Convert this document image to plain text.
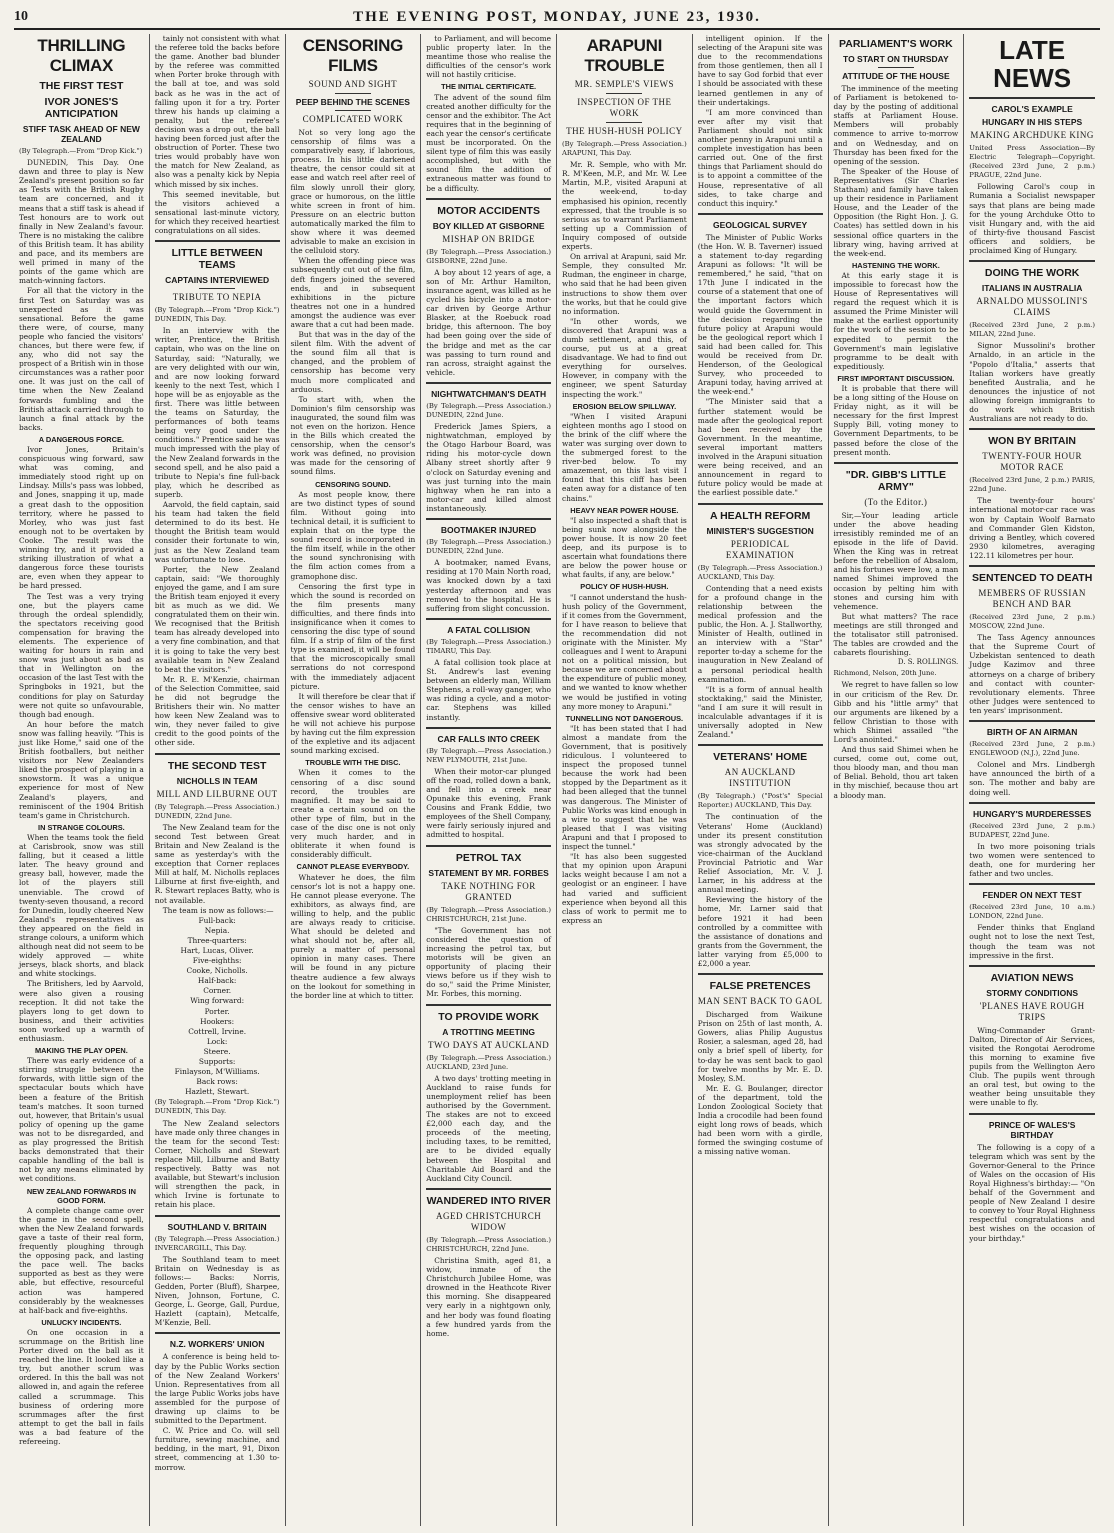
10	THE EVENING POST, MONDAY, JUNE 23, 1930.
THRILLING CLIMAX
THE FIRST TEST
IVOR JONES'S ANTICIPATION
STIFF TASK AHEAD OF NEW ZEALAND
(By Telegraph.—From "Drop Kick.")

DUNEDIN, This Day. One dawn and three to play is New Zealand's present position so far as Tests with the British Rugby team are concerned, and it means that a stiff task is ahead if Test honours are to work out finally in New Zealand's favour. There is no mistaking the calibre of this British team. It has ability and pace, and its members are well primed in many of the points of the game which are match-winning factors.

For all that the victory in the first Test on Saturday was as unexpected as it was sensational. Before the game there were, of course, many people who fancied the visitors' chances, but there were few, if any, who did not say the prospect of a British win in those circumstances was a rather poor one. It was just on the call of time when the New Zealand forwards fumbling and the British attack carried through to launch a final attack by the backs.

A DANGEROUS FORCE.

Ivor Jones, Britain's conspicuous wing forward, saw what was coming, and immediately stood right up on Lindsay. Mills's pass was lobbed, and Jones, snapping it up, made a great dash to the opposition territory, where he passed to Morley, who was just fast enough not to be overtaken by Cooke. The result was the winning try, and it provided a striking illustration of what a dangerous force these tourists are, even when they appear to be hard pressed.

The Test was a very trying one, but the players came through the ordeal splendidly, the spectators receiving good compensation for braving the elements. The experience of waiting for hours in rain and snow was just about as bad as that in Wellington on the occasion of the last Test with the Springboks in 1921, but the conditions for play on Saturday were not quite so unfavourable, though bad enough.

An hour before the match snow was falling heavily. "This is just like Home," said one of the British footballers, but neither visitors nor New Zealanders liked the prospect of playing in a snowstorm. It was a unique experience for most of New Zealand's players, and reminiscent of the 1904 British team's game in Christchurch.

IN STRANGE COLOURS.

When the teams took the field at Carisbrook, snow was still falling, but it ceased a little later. The heavy ground and greasy ball, however, made the lot of the players still unenviable. The crowd of twenty-seven thousand, a record for Dunedin, loudly cheered New Zealand's representatives as they appeared on the field in strange colours, a uniform which although neat did not seem to be widely approved — white jerseys, black shorts, and black and white stockings.

The Britishers, led by Aarvold, were also given a rousing reception. It did not take the players long to get down to business, and their activities soon worked up a warmth of enthusiasm.

MAKING THE PLAY OPEN.

There was early evidence of a stirring struggle between the forwards, with little sign of the spectacular bouts which have been a feature of the British team's matches. It soon turned out, however, that Britain's usual policy of opening up the game was not to be disregarded, and as play progressed the British backs demonstrated that their capable handling of the ball is not by any means eliminated by wet conditions.

NEW ZEALAND FORWARDS IN GOOD FORM.

A complete change came over the game in the second spell, when the New Zealand forwards gave a taste of their real form, frequently ploughing through the opposing pack, and lasting the pace well. The backs supported as best as they were able, but effective, resourceful action was hampered considerably by the weaknesses at half-back and five-eighths.

UNLUCKY INCIDENTS.

On one occasion in a scrummage on the British line Porter dived on the ball as it reached the line. It looked like a try, but another scrum was ordered. In this the ball was not allowed in, and again the referee called a scrummage. This business of ordering more scrummages after the first attempt to get the ball in fails was a bad feature of the refereeing.

tainly not consistent with what the referee told the backs before the game. Another bad blunder by the referee was committed when Porter broke through with the ball at toe, and was sold back as he was in the act of falling upon it for a try. Porter threw his hands up claiming a penalty, but the referee's decision was a drop out, the ball having been forced just after the obstruction of Porter. These two tries would probably have won the match for New Zealand, as also was a penalty kick by Nepia which missed by six inches.

This seemed inevitable, but the visitors achieved a sensational last-minute victory, for which they received heartiest congratulations on all sides.

LITTLE BETWEEN TEAMS
CAPTAINS INTERVIEWED
TRIBUTE TO NEPIA
(By Telegraph.—From "Drop Kick.") DUNEDIN, This Day.

In an interview with the writer, Prentice, the British captain, who was on the line on Saturday, said: "Naturally, we are very delighted with our win, and are now looking forward keenly to the next Test, which I hope will be as enjoyable as the first. There was little between the teams on Saturday, the performances of both teams being very good under the conditions." Prentice said he was much impressed with the play of the New Zealand forwards in the second spell, and he also paid a tribute to Nepia's fine full-back play, which he described as superb.

Aarvold, the field captain, said his team had taken the field determined to do its best. He thought the British team would consider their fortunate to win, just as the New Zealand team was unfortunate to lose.

Porter, the New Zealand captain, said: "We thoroughly enjoyed the game, and I am sure the British team enjoyed it every bit as much as we did. We congratulated them on their win. We recognised that the British team has already developed into a very fine combination, and that it is going to take the very best available team in New Zealand to beat the visitors."

Mr. R. E. M'Kenzie, chairman of the Selection Committee, said he did not begrudge the Britishers their win. No matter how keen New Zealand was to win, they never failed to give credit to the good points of the other side.

THE SECOND TEST
NICHOLLS IN TEAM
MILL AND LILBURNE OUT
(By Telegraph.—Press Association.) DUNEDIN, 22nd June.

The New Zealand team for the second Test between Great Britain and New Zealand is the same as yesterday's with the exception that Corner replaces Mill at half, M. Nicholls replaces Lilburne at first five-eighth, and R. Stewart replaces Batty, who is not available.

The team is now as follows:—

Full-back:

Nepia.

Three-quarters:

Hart, Lucas, Oliver.

Five-eighths:

Cooke, Nicholls.

Half-back:

Corner.

Wing forward:

Porter.

Hookers:

Cottrell, Irvine.

Lock:

Steere.

Supports:

Finlayson, M'Williams.

Back rows:

Hazlett, Stewart.

(By Telegraph.—From "Drop Kick.") DUNEDIN, This Day.

The New Zealand selectors have made only three changes in the team for the second Test: Corner, Nicholls and Stewart replace Mill, Lilburne and Batty respectively. Batty was not available, but Stewart's inclusion will strengthen the pack, in which Irvine is fortunate to retain his place.

SOUTHLAND V. BRITAIN
(By Telegraph.—Press Association.) INVERCARGILL, This Day.

The Southland team to meet Britain on Wednesday is as follows:— Backs: Norris, Gedden, Porter (Bluff), Sharpee, Niven, Johnson, Fortune, C. George, L. George, Gall, Purdue, Hazlett (captain), Metcalfe, M'Kenzie, Bell.

N.Z. WORKERS' UNION

A conference is being held to-day by the Public Works section of the New Zealand Workers' Union. Representatives from all the large Public Works jobs have assembled for the purpose of drawing up claims to be submitted to the Department.

C. W. Price and Co. will sell furniture, sewing machine, and bedding, in the mart, 91, Dixon street, commencing at 1.30 to-morrow.

CENSORING FILMS
SOUND AND SIGHT
PEEP BEHIND THE SCENES
COMPLICATED WORK

Not so very long ago the censorship of films was a comparatively easy, if laborious, process. In his little darkened theatre, the censor could sit at ease and watch reel after reel of film slowly unroll their glory, grace or humorous, on the little white screen in front of him. Pressure on an electric button automatically marked the film to show where it was deemed advisable to make an excision in the celluloid story.

When the offending piece was subsequently cut out of the film, deft fingers joined the severed ends, and in subsequent exhibitions in the picture theatres not one in a hundred amongst the audience was ever aware that a cut had been made.

But that was in the day of the silent film. With the advent of the sound film all that is changed, and the problem of censorship has become very much more complicated and arduous.

To start with, when the Dominion's film censorship was inaugurated, the sound film was not even on the horizon. Hence in the Bills which created the censorship, when the censor's work was defined, no provision was made for the censoring of sound films.

CENSORING SOUND.

As most people know, there are two distinct types of sound film. Without going into technical detail, it is sufficient to explain that on the type the sound record is incorporated in the film itself, while in the other the sound synchronising with the film action comes from a gramophone disc.

Censoring the first type in which the sound is recorded on the film presents many difficulties, and there finds into insignificance when it comes to censoring the disc type of sound film. If a strip of film of the first type is examined, it will be found that the microscopically small serrations do not correspond with the immediately adjacent picture.

It will therefore be clear that if the censor wishes to have an offensive swear word obliterated he will not achieve his purpose by having cut the film expression of the expletive and its adjacent sound marking excised.

TROUBLE WITH THE DISC.

When it comes to the censoring of a disc sound record, the troubles are magnified. It may be said to create a certain sound on the other type of film, but in the case of the disc one is not only very much harder, and in obliterate it when found is considerably difficult.

CANNOT PLEASE EVERYBODY.

Whatever he does, the film censor's lot is not a happy one. He cannot please everyone. The exhibitors, as always find, are willing to help, and the public are always ready to criticise. What should be deleted and what should not be, after all, purely a matter of personal opinion in many cases. There will be found in any picture theatre audience a few always on the lookout for something in the border line at which to titter.

to Parliament, and will become public property later. In the meantime those who realise the difficulties of the censor's work will not hastily criticise.

THE INITIAL CERTIFICATE.

The advent of the sound film created another difficulty for the censor and the exhibitor. The Act requires that in the beginning of each year the censor's certificate must be incorporated. On the silent type of film this was easily accomplished, but with the sound film the addition of extraneous matter was found to be a difficulty.

MOTOR ACCIDENTS
BOY KILLED AT GISBORNE
MISHAP ON BRIDGE
(By Telegraph.—Press Association.) GISBORNE, 22nd June.

A boy about 12 years of age, a son of Mr. Arthur Hamilton, insurance agent, was killed as he cycled his bicycle into a motor-car driven by George Arthur Blasker, at the Roebuck road bridge, this afternoon. The boy had been going over the side of the bridge and met as the car was passing to turn round and ran across, straight against the vehicle.

NIGHTWATCHMAN'S DEATH
(By Telegraph.—Press Association.) DUNEDIN, 22nd June.

Frederick James Spiers, a nightwatchman, employed by the Otago Harbour Board, was riding his motor-cycle down Albany street shortly after 9 o'clock on Saturday evening and was just turning into the main highway when he ran into a motor-car and killed almost instantaneously.

BOOTMAKER INJURED
(By Telegraph.—Press Association.) DUNEDIN, 22nd June.

A bootmaker, named Evans, residing at 170 Main North road, was knocked down by a taxi yesterday afternoon and was removed to the hospital. He is suffering from slight concussion.

A FATAL COLLISION
(By Telegraph.—Press Association.) TIMARU, This Day.

A fatal collision took place at St. Andrew's last evening between an elderly man, William Stephens, a roll-way ganger, who was riding a cycle, and a motor-car. Stephens was killed instantly.

CAR FALLS INTO CREEK
(By Telegraph.—Press Association.) NEW PLYMOUTH, 21st June.

When their motor-car plunged off the road, rolled down a bank, and fell into a creek near Opunake this evening, Frank Cousins and Frank Eddie, two employees of the Shell Company, were fairly seriously injured and admitted to hospital.

PETROL TAX
STATEMENT BY MR. FORBES
TAKE NOTHING FOR GRANTED
(By Telegraph.—Press Association.) CHRISTCHURCH, 21st June.

"The Government has not considered the question of increasing the petrol tax, but motorists will be given an opportunity of placing their views before us if they wish to do so," said the Prime Minister, Mr. Forbes, this morning.

TO PROVIDE WORK
A TROTTING MEETING
TWO DAYS AT AUCKLAND
(By Telegraph.—Press Association.) AUCKLAND, 23rd June.

A two days' trotting meeting in Auckland to raise funds for unemployment relief has been authorised by the Government. The stakes are not to exceed £2,000 each day, and the proceeds of the meeting, including taxes, to be remitted, are to be divided equally between the Hospital and Charitable Aid Board and the Auckland City Council.

WANDERED INTO RIVER
AGED CHRISTCHURCH WIDOW
(By Telegraph.—Press Association.) CHRISTCHURCH, 22nd June.

Christina Smith, aged 81, a widow, inmate of the Christchurch Jubilee Home, was drowned in the Heathcote River this morning. She disappeared very early in a nightgown only, and her body was found floating a few hundred yards from the home.

ARAPUNI TROUBLE
MR. SEMPLE'S VIEWS
INSPECTION OF THE WORK
THE HUSH-HUSH POLICY
(By Telegraph.—Press Association.) ARAPUNI, This Day.

Mr. R. Semple, who with Mr. R. M'Keen, M.P., and Mr. W. Lee Martin, M.P., visited Arapuni at the week-end, to-day emphasised his opinion, recently expressed, that the trouble is so serious as to warrant Parliament setting up a Commission of Inquiry composed of outside experts.

On arrival at Arapuni, said Mr. Semple, they consulted Mr. Rudman, the engineer in charge, who said that he had been given instructions to show them over the works, but that he could give no information.

"In other words, we discovered that Arapuni was a dumb settlement, and this, of course, put us at a great disadvantage. We had to find out everything for ourselves. However, in company with the engineer, we spent Saturday inspecting the work."

EROSION BELOW SPILLWAY.

"When I visited Arapuni eighteen months ago I stood on the brink of the cliff where the water was surging over down to the submerged forest to the river-bed below. To my amazement, on this last visit I found that this cliff has been eaten away for a distance of ten chains."

HEAVY NEAR POWER HOUSE.

"I also inspected a shaft that is being sunk now alongside the power house. It is now 20 feet deep, and its purpose is to ascertain what foundations there are below the power house or what faults, if any, are below."

POLICY OF HUSH-HUSH.

"I cannot understand the hush-hush policy of the Government, if it comes from the Government, for I have reason to believe that the recommendation did not originate with the Minister. My colleagues and I went to Arapuni not on a political mission, but because we are concerned about the expenditure of public money, and we wanted to know whether we would be justified in voting any more money to Arapuni."

TUNNELLING NOT DANGEROUS.

"It has been stated that I had almost a mandate from the Government, that is positively ridiculous. I volunteered to inspect the proposed tunnel because the work had been stopped by the Department as it had been alleged that the tunnel was dangerous. The Minister of Public Works was kind enough in a wire to suggest that he was pleased that I was visiting Arapuni and that I proposed to inspect the tunnel."

"It has also been suggested that my opinion upon Arapuni lacks weight because I am not a geologist or an engineer. I have had varied and sufficient experience when beyond all this class of work to permit me to express an

intelligent opinion. If the selecting of the Arapuni site was due to the recommendations from those gentlemen, then all I have to say God forbid that ever I should be associated with these learned gentlemen in any of their undertakings.

"I am more convinced than ever after my visit that Parliament should not sink another penny in Arapuni until a complete investigation has been carried out. One of the first things that Parliament should do is to appoint a committee of the House, representative of all sides, to take charge and conduct this inquiry."

GEOLOGICAL SURVEY

The Minister of Public Works (the Hon. W. B. Taverner) issued a statement to-day regarding Arapuni as follows: "It will be remembered," he said, "that on 17th June I indicated in the course of a statement that one of the important factors which would guide the Government in the decision regarding the future policy at Arapuni would be the geological report which I said had been called for. This would be received from Dr. Henderson, of the Geological Survey, who proceeded to Arapuni today, having arrived at the week-end."

"The Minister said that a further statement would be made after the geological report had been received by the Government. In the meantime, several important matters involved in the Arapuni situation were being received, and an announcement in regard to future policy would be made at the earliest possible date."

A HEALTH REFORM
MINISTER'S SUGGESTION
PERIODICAL EXAMINATION
(By Telegraph.—Press Association.) AUCKLAND, This Day.

Contending that a need exists for a profound change in the relationship between the medical profession and the public, the Hon. A. J. Stallworthy, Minister of Health, outlined in an interview with a "Star" reporter to-day a scheme for the inauguration in New Zealand of a personal periodical health examination.

"It is a form of annual health stocktaking," said the Minister, "and I am sure it will result in incalculable advantages if it is universally adopted in New Zealand."

VETERANS' HOME
AN AUCKLAND INSTITUTION
(By Telegraph.) ("Post's" Special Reporter.) AUCKLAND, This Day.

The continuation of the Veterans' Home (Auckland) under its present constitution was strongly advocated by the vice-chairman of the Auckland Provincial Patriotic and War Relief Association, Mr. V. J. Larner, in his address at the annual meeting.

Reviewing the history of the home, Mr. Larner said that before 1921 it had been controlled by a committee with the assistance of donations and grants from the Government, the latter varying from £5,000 to £2,000 a year.

FALSE PRETENCES
MAN SENT BACK TO GAOL

Discharged from Waikune Prison on 25th of last month, A. Gowers, alias Philip Augustus Rosier, a salesman, aged 28, had only a brief spell of liberty, for to-day he was sent back to gaol for twelve months by Mr. E. D. Mosley, S.M.

Mr. E. G. Boulanger, director of the department, told the London Zoological Society that India a crocodile had been found eight long rows of beads, which had been worn with a girdle, formed the swinging costume of a missing native woman.

PARLIAMENT'S WORK
TO START ON THURSDAY
ATTITUDE OF THE HOUSE

The imminence of the meeting of Parliament is betokened to-day by the posting of additional staffs at Parliament House. Members will probably commence to arrive to-morrow and on Wednesday, and on Thursday has been fixed for the opening of the session.

The Speaker of the House of Representatives (Sir Charles Statham) and family have taken up their residence in Parliament House, and the Leader of the Opposition (the Right Hon. J. G. Coates) has settled down in his sessional office quarters in the library wing, having arrived at the week-end.

HASTENING THE WORK.

At this early stage it is impossible to forecast how the House of Representatives will regard the request which it is assumed the Prime Minister will make at the earliest opportunity for the work of the session to be expedited to permit the Government's main legislative programme to be dealt with expeditiously.

FIRST IMPORTANT DISCUSSION.

It is probable that there will be a long sitting of the House on Friday night, as it will be necessary for the first Imprest Supply Bill, voting money to Government Departments, to be passed before the close of the present month.

"DR. GIBB'S LITTLE ARMY"
(To the Editor.)

Sir,—Your leading article under the above heading irresistibly reminded me of an episode in the life of David. When the King was in retreat before the rebellion of Absalom, and his fortunes were low, a man named Shimei improved the occasion by pelting him with stones and cursing him with vehemence.

But what matters? The race meetings are still thronged and the totalisator still patronised. The tables are crowded and the cabarets flourishing.

D. S. ROLLINGS.
Richmond, Nelson, 20th June.

We regret to have fallen so low in our criticism of the Rev. Dr. Gibb and his "little army" that our arguments are likened by a fellow Christian to those with which Shimei assailed "the Lord's anointed."

And thus said Shimei when he cursed, come out, come out, thou bloody man, and thou man of Belial. Behold, thou art taken in thy mischief, because thou art a bloody man.

LATE NEWS
CAROL'S EXAMPLE
HUNGARY IN HIS STEPS
MAKING ARCHDUKE KING
United Press Association—By Electric Telegraph—Copyright. (Received 23rd June, 2 p.m.) PRAGUE, 22nd June.

Following Carol's coup in Rumania a Socialist newspaper says that plans are being made for the young Archduke Otto to visit Hungary and, with the aid of thirty-five thousand Fascist officers and soldiers, be proclaimed King of Hungary.

DOING THE WORK
ITALIANS IN AUSTRALIA
ARNALDO MUSSOLINI'S CLAIMS
(Received 23rd June, 2 p.m.) MILAN, 22nd June.

Signor Mussolini's brother Arnaldo, in an article in the "Popolo d'Italia," asserts that Italian workers have greatly benefited Australia, and he denounces the injustice of not allowing foreign immigrants to do work which British Australians are not ready to do.

WON BY BRITAIN
TWENTY-FOUR HOUR MOTOR RACE
(Received 23rd June, 2 p.m.) PARIS, 22nd June.

The twenty-four hours' international motor-car race was won by Captain Woolf Barnato and Commander Glen Kidston, driving a Bentley, which covered 2930 kilometres, averaging 122.11 kilometres per hour.

SENTENCED TO DEATH
MEMBERS OF RUSSIAN BENCH AND BAR
(Received 23rd June, 2 p.m.) MOSCOW, 22nd June.

The Tass Agency announces that the Supreme Court of Uzbekistan sentenced to death Judge Kazimov and three attorneys on a charge of bribery and contact with counter-revolutionary elements. Three other Judges were sentenced to ten years' imprisonment.

BIRTH OF AN AIRMAN
(Received 23rd June, 2 p.m.) ENGLEWOOD (N.J.), 22nd June.

Colonel and Mrs. Lindbergh have announced the birth of a son. The mother and baby are doing well.

HUNGARY'S MURDERESSES
(Received 23rd June, 2 p.m.) BUDAPEST, 22nd June.

In two more poisoning trials two women were sentenced to death, one for murdering her father and two uncles.

FENDER ON NEXT TEST
(Received 23rd June, 10 a.m.) LONDON, 22nd June.

Fender thinks that England ought not to lose the next Test, though the team was not impressive in the first.

AVIATION NEWS
STORMY CONDITIONS
'PLANES HAVE ROUGH TRIPS

Wing-Commander Grant-Dalton, Director of Air Services, visited the Rongotai Aerodrome this morning to examine five pupils from the Wellington Aero Club. The pupils went through an oral test, but owing to the weather being unsuitable they were unable to fly.

PRINCE OF WALES'S BIRTHDAY

The following is a copy of a telegram which was sent by the Governor-General to the Prince of Wales on the occasion of His Royal Highness's birthday:— "On behalf of the Government and people of New Zealand I desire to convey to Your Royal Highness respectful congratulations and best wishes on the occasion of your birthday."
